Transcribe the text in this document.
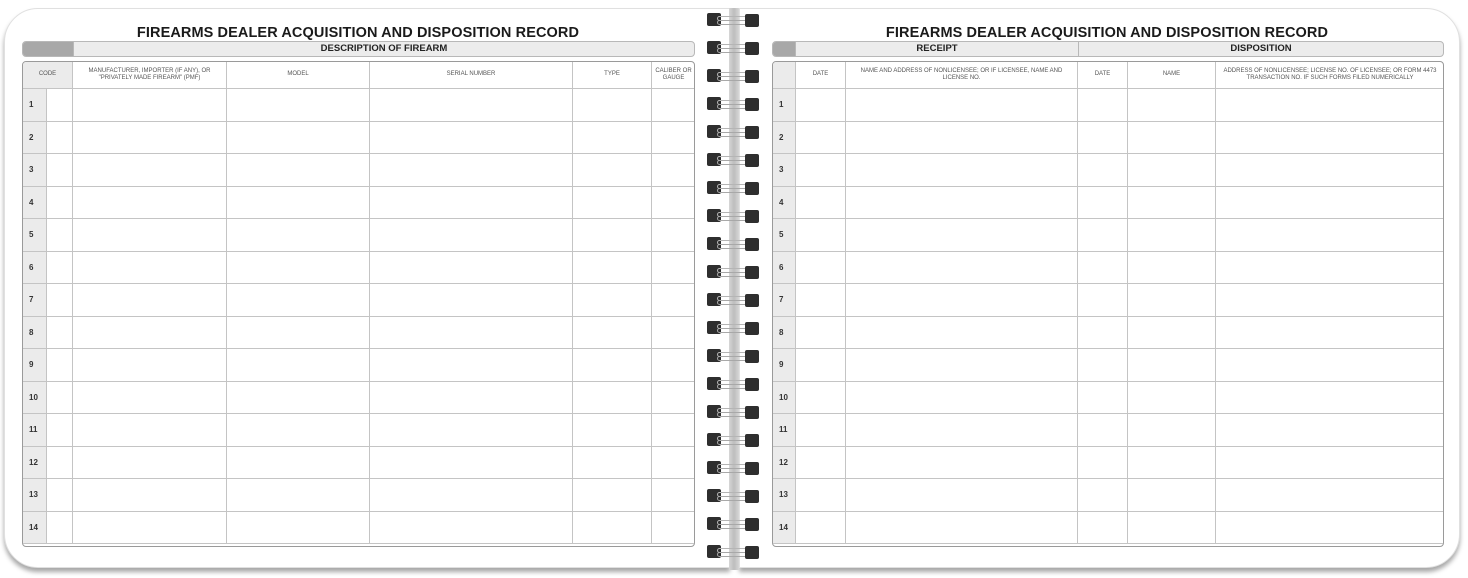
FIREARMS DEALER ACQUISITION AND DISPOSITION RECORD
DESCRIPTION OF FIREARM
CODE		MANUFACTURER, IMPORTER (IF ANY), OR "PRIVATELY MADE FIREARM" (PMF)	MODEL	SERIAL NUMBER	TYPE	CALIBER OR GAUGE
1						
2						
3						
4						
5						
6						
7						
8						
9						
10						
11						
12						
13						
14						
FIREARMS DEALER ACQUISITION AND DISPOSITION RECORD
RECEIPT	DISPOSITION
	DATE	NAME AND ADDRESS OF NONLICENSEE; OR IF LICENSEE, NAME AND LICENSE NO.	DATE	NAME	ADDRESS OF NONLICENSEE; LICENSE NO. OF LICENSEE; OR FORM 4473 TRANSACTION NO. IF SUCH FORMS FILED NUMERICALLY
1					
2					
3					
4					
5					
6					
7					
8					
9					
10					
11					
12					
13					
14					
